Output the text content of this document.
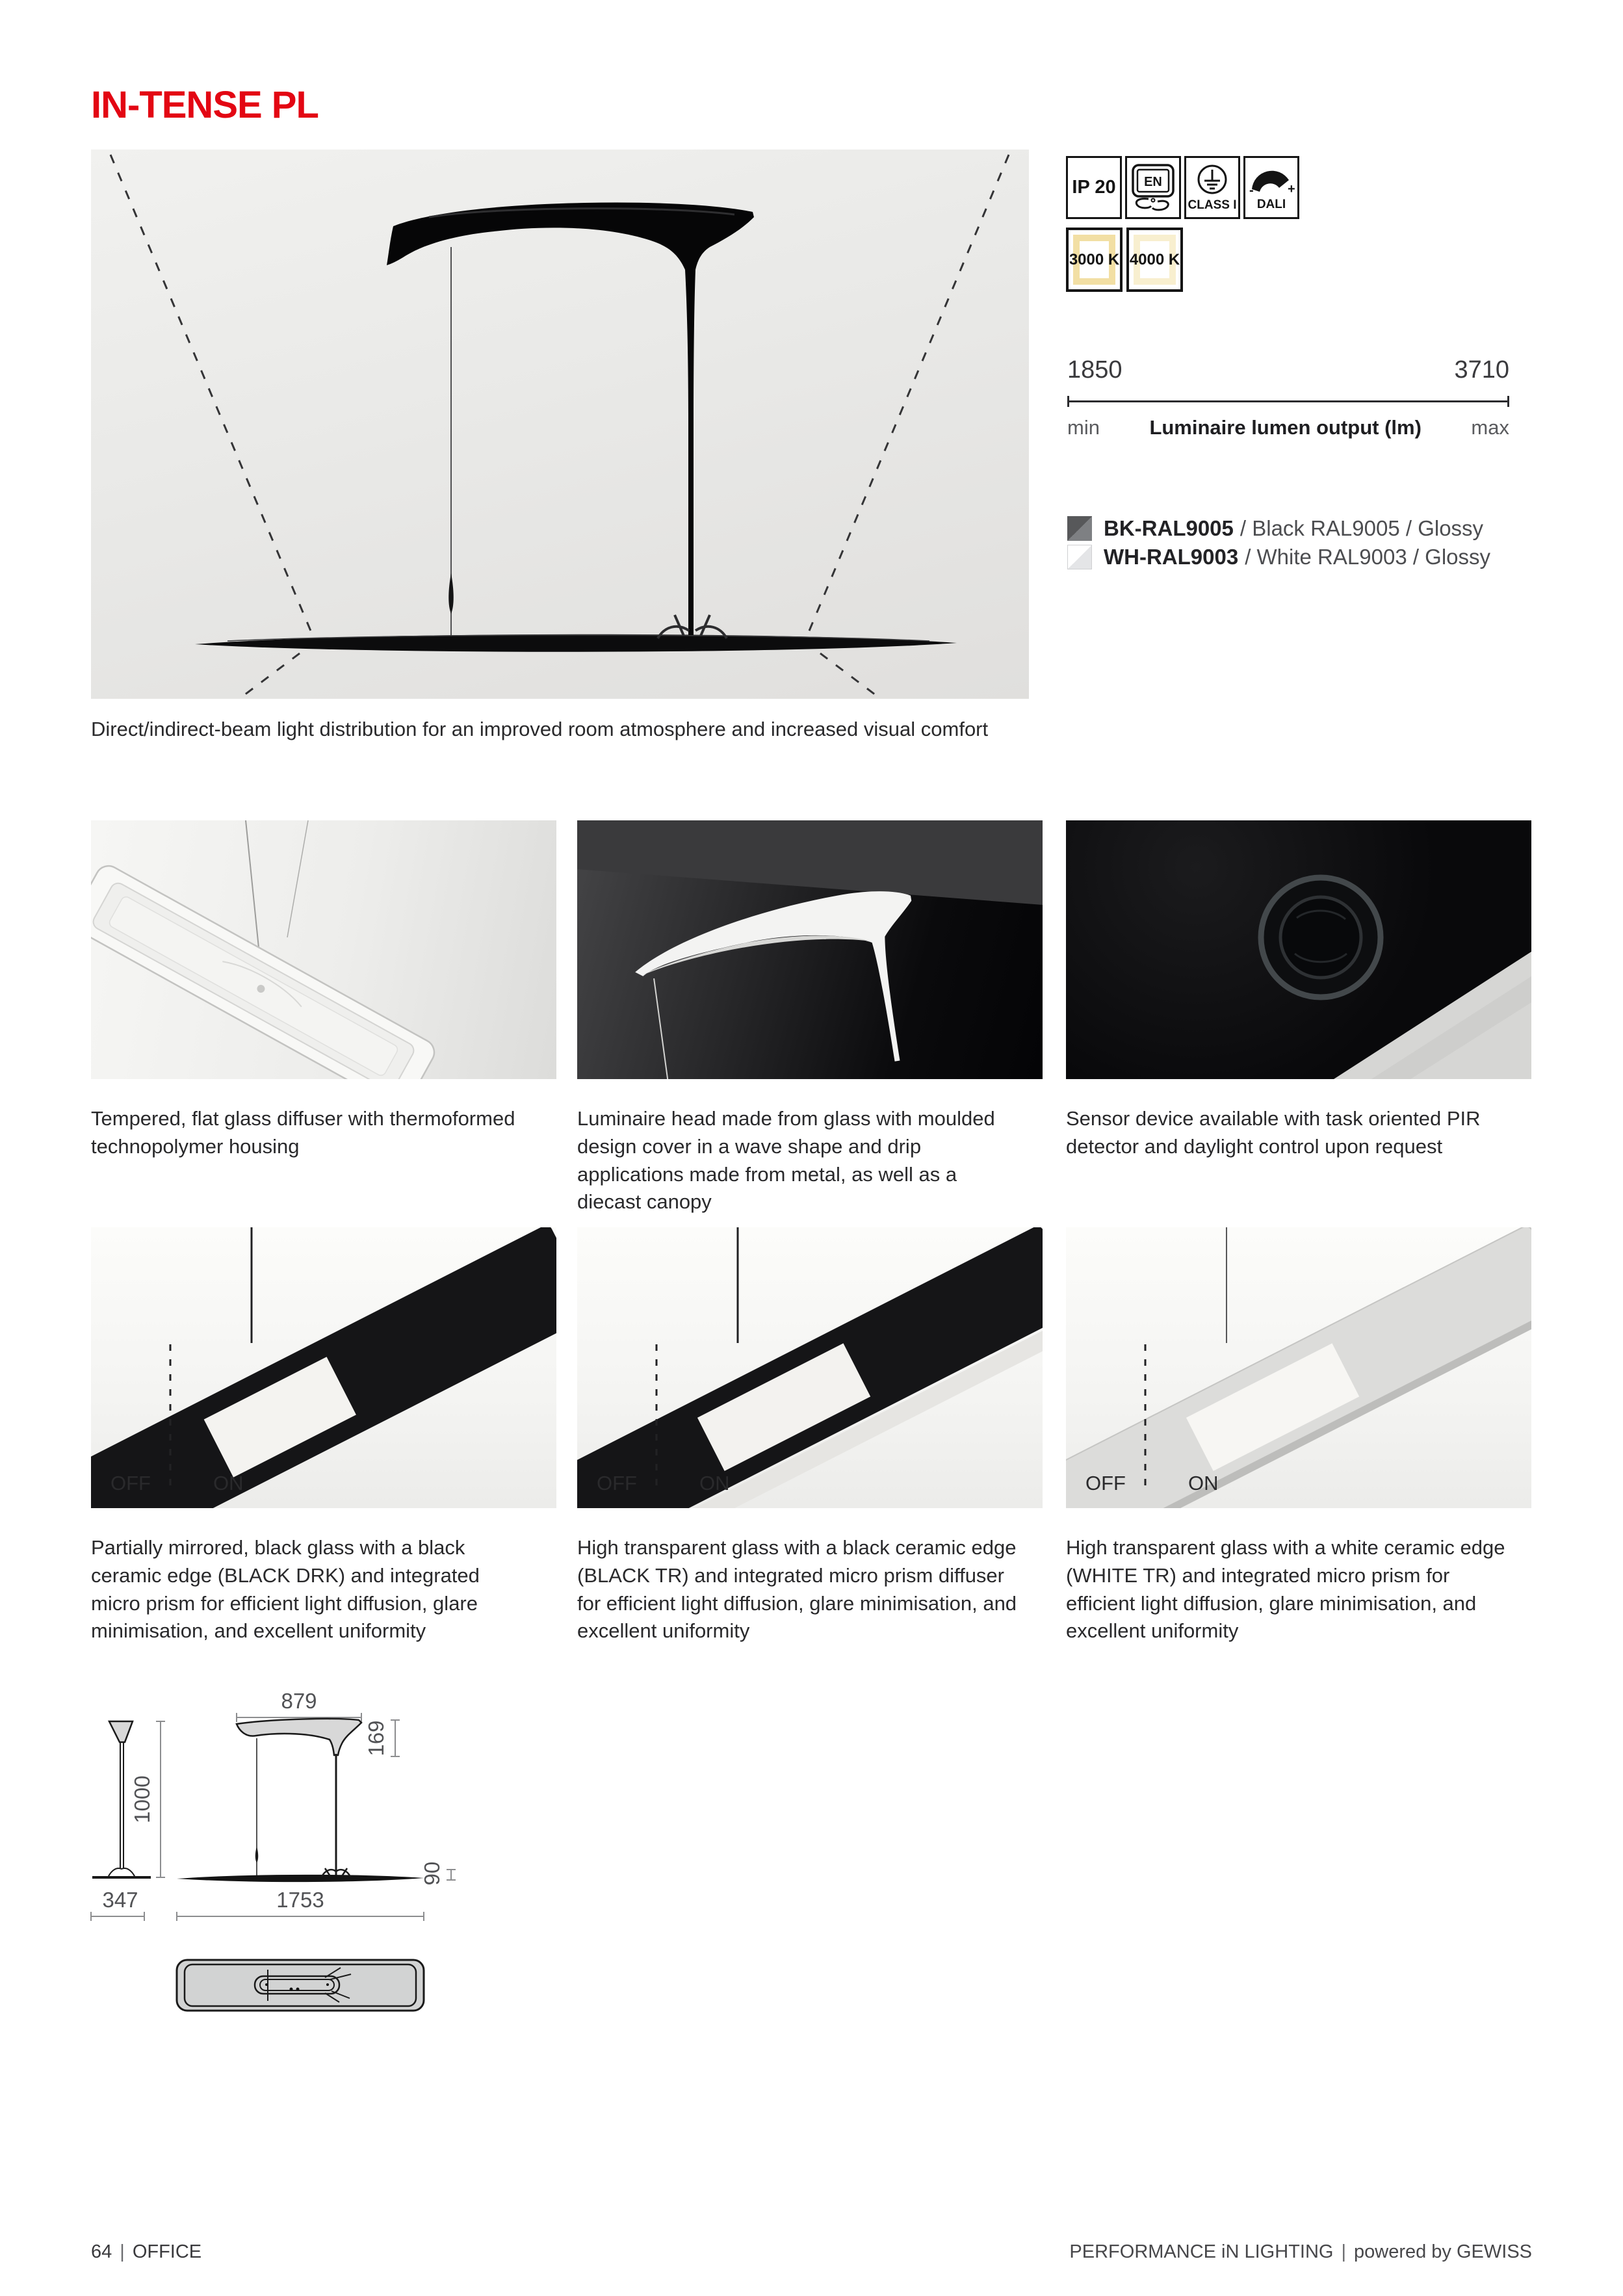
IN-TENSE PL
IP 20 EN
CLASS I
-	+
DALI
3000 K 4000 K
1850	3710
min Luminaire lumen output (lm) max
BK-RAL9005 / Black RAL9005 / Glossy
WH-RAL9003 / White RAL9003 / Glossy
Direct/indirect-beam light distribution for an improved room atmosphere and increased visual comfort
Tempered, flat glass diffuser with thermoformed technopolymer housing
Luminaire head made from glass with moulded design cover in a wave shape and drip applications made from metal, as well as a diecast canopy
Sensor device available with task oriented PIR detector and daylight control upon request
OFF	ON	OFF	ON	OFF	ON
Partially mirrored, black glass with a black ceramic edge (BLACK DRK) and integrated micro prism for efficient light diffusion, glare minimisation, and excellent uniformity
High transparent glass with a black ceramic edge (BLACK TR) and integrated micro prism diffuser for efficient light diffusion, glare minimisation, and excellent uniformity
High transparent glass with a white ceramic edge (WHITE TR) and integrated micro prism for efficient light diffusion, glare minimisation, and excellent uniformity
879
169
1000
90
347	1753
64 | OFFICE	PERFORMANCE iN LIGHTING | powered by GEWISS
